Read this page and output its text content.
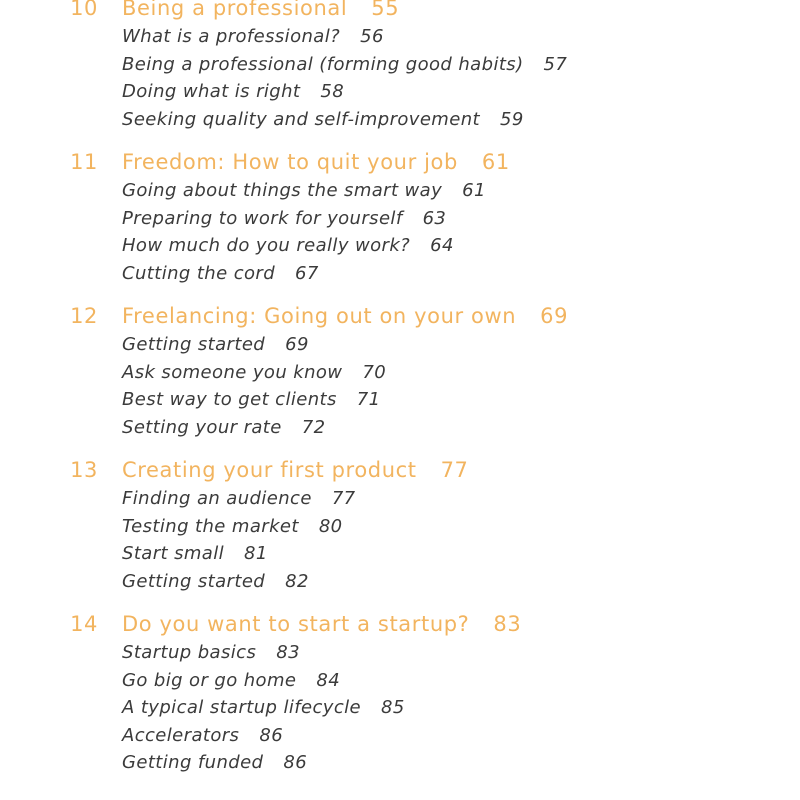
10 Being a professional 55
What is a professional? 56
Being a professional (forming good habits) 57
Doing what is right 58
Seeking quality and self-improvement 59
11 Freedom: How to quit your job 61
Going about things the smart way 61
Preparing to work for yourself 63
How much do you really work? 64
Cutting the cord 67
12 Freelancing: Going out on your own 69
Getting started 69
Ask someone you know 70
Best way to get clients 71
Setting your rate 72
13 Creating your first product 77
Finding an audience 77
Testing the market 80
Start small 81
Getting started 82
14 Do you want to start a startup? 83
Startup basics 83
Go big or go home 84
A typical startup lifecycle 85
Accelerators 86
Getting funded 86
